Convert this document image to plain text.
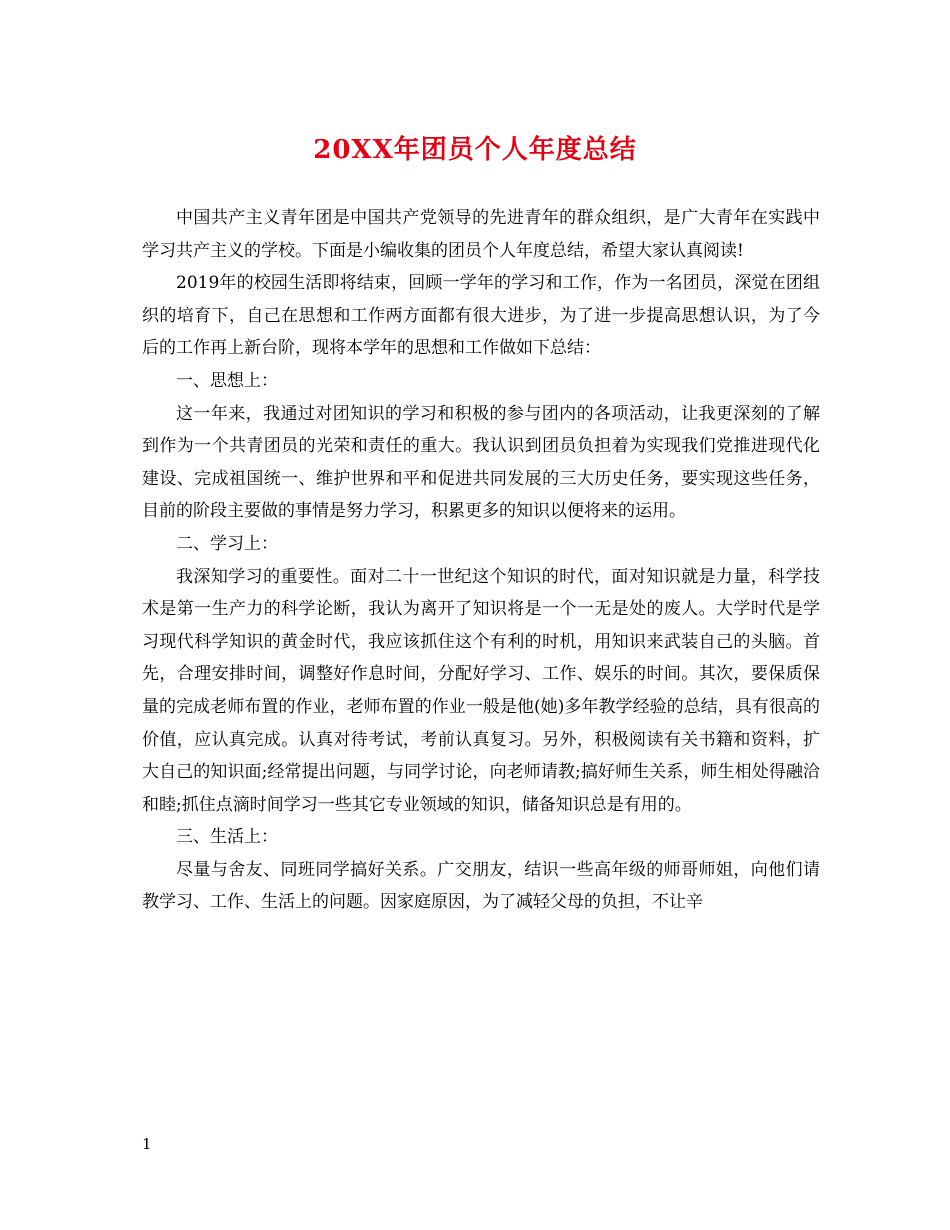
20XX年团员个人年度总结

中国共产主义青年团是中国共产党领导的先进青年的群众组织，是广大青年在实践中学习共产主义的学校。下面是小编收集的团员个人年度总结，希望大家认真阅读!

2019年的校园生活即将结束，回顾一学年的学习和工作，作为一名团员，深觉在团组织的培育下，自己在思想和工作两方面都有很大进步，为了进一步提高思想认识，为了今后的工作再上新台阶，现将本学年的思想和工作做如下总结：

一、思想上：

这一年来，我通过对团知识的学习和积极的参与团内的各项活动，让我更深刻的了解到作为一个共青团员的光荣和责任的重大。我认识到团员负担着为实现我们党推进现代化建设、完成祖国统一、维护世界和平和促进共同发展的三大历史任务，要实现这些任务，目前的阶段主要做的事情是努力学习，积累更多的知识以便将来的运用。

二、学习上：

我深知学习的重要性。面对二十一世纪这个知识的时代，面对知识就是力量，科学技术是第一生产力的科学论断，我认为离开了知识将是一个一无是处的废人。大学时代是学习现代科学知识的黄金时代，我应该抓住这个有利的时机，用知识来武装自己的头脑。首先，合理安排时间，调整好作息时间，分配好学习、工作、娱乐的时间。其次，要保质保量的完成老师布置的作业，老师布置的作业一般是他(她)多年教学经验的总结，具有很高的价值，应认真完成。认真对待考试，考前认真复习。另外，积极阅读有关书籍和资料，扩大自己的知识面;经常提出问题，与同学讨论，向老师请教;搞好师生关系，师生相处得融洽和睦;抓住点滴时间学习一些其它专业领域的知识，储备知识总是有用的。

三、生活上：

尽量与舍友、同班同学搞好关系。广交朋友，结识一些高年级的师哥师姐，向他们请教学习、工作、生活上的问题。因家庭原因，为了减轻父母的负担，不让辛

1
